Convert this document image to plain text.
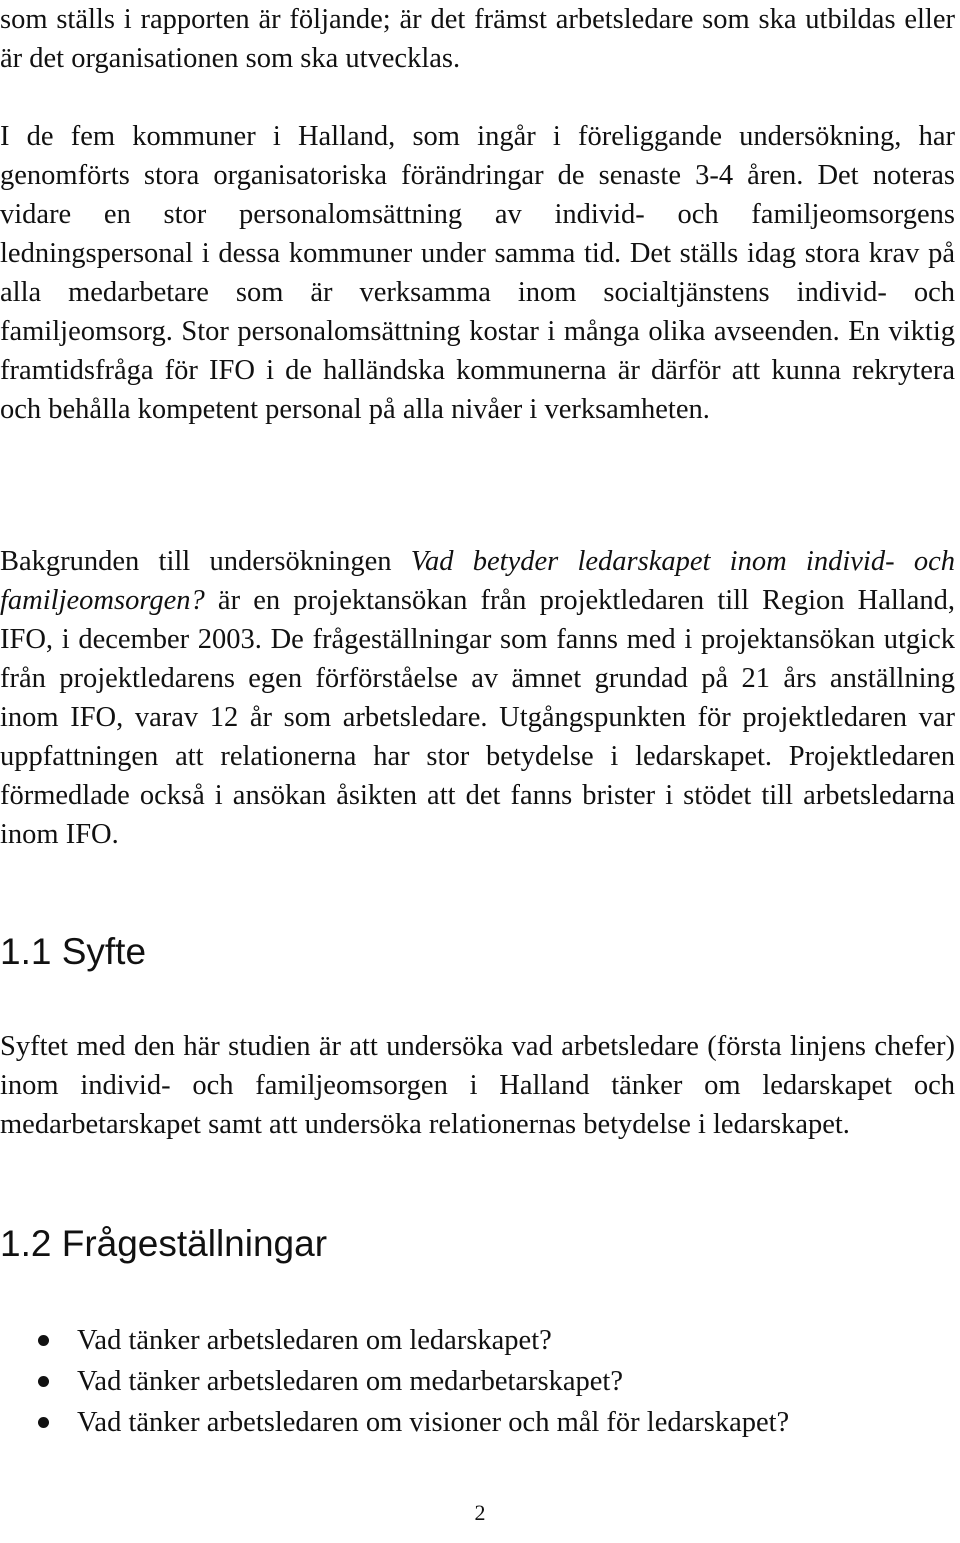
som ställs i rapporten är följande; är det främst arbetsledare som ska utbildas eller är det organisationen som ska utvecklas.

I de fem kommuner i Halland, som ingår i föreliggande undersökning, har genomförts stora organisatoriska förändringar de senaste 3-4 åren. Det noteras vidare en stor personalomsättning av individ- och familjeomsorgens ledningspersonal i dessa kommuner under samma tid. Det ställs idag stora krav på alla medarbetare som är verksamma inom socialtjänstens individ- och familjeomsorg. Stor personalomsättning kostar i många olika avseenden. En viktig framtidsfråga för IFO i de halländska kommunerna är därför att kunna rekrytera och behålla kompetent personal på alla nivåer i verksamheten.

Bakgrunden till undersökningen Vad betyder ledarskapet inom individ- och familjeomsorgen? är en projektansökan från projektledaren till Region Halland, IFO, i december 2003. De frågeställningar som fanns med i projektansökan utgick från projektledarens egen förförståelse av ämnet grundad på 21 års anställning inom IFO, varav 12 år som arbetsledare. Utgångspunkten för projektledaren var uppfattningen att relationerna har stor betydelse i ledarskapet. Projektledaren förmedlade också i ansökan åsikten att det fanns brister i stödet till arbetsledarna inom IFO.

1.1 Syfte

Syftet med den här studien är att undersöka vad arbetsledare (första linjens chefer) inom individ- och familjeomsorgen i Halland tänker om ledarskapet och medarbetarskapet samt att undersöka relationernas betydelse i ledarskapet.

1.2 Frågeställningar
Vad tänker arbetsledaren om ledarskapet?
Vad tänker arbetsledaren om medarbetarskapet?
Vad tänker arbetsledaren om visioner och mål för ledarskapet?
2
